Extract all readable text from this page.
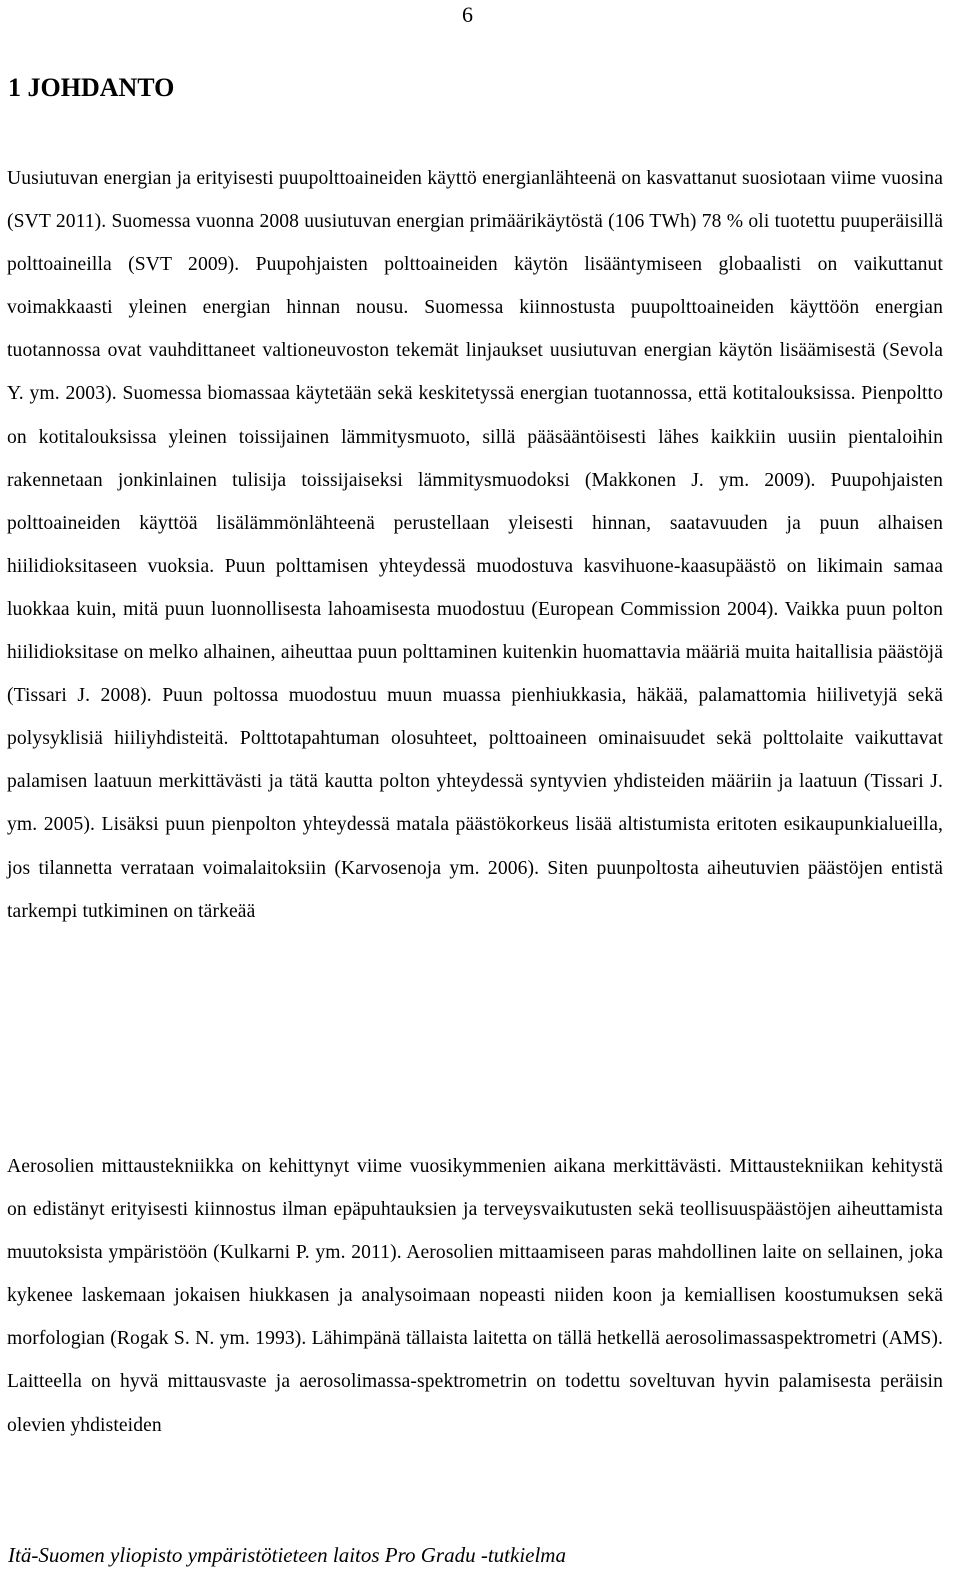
6
1 JOHDANTO

Uusiutuvan energian ja erityisesti puupolttoaineiden käyttö energianlähteenä on kasvattanut suosiotaan viime vuosina (SVT 2011). Suomessa vuonna 2008 uusiutuvan energian primäärikäytöstä (106 TWh) 78 % oli tuotettu puuperäisillä polttoaineilla (SVT 2009). Puupohjaisten polttoaineiden käytön lisääntymiseen globaalisti on vaikuttanut voimakkaasti yleinen energian hinnan nousu. Suomessa kiinnostusta puupolttoaineiden käyttöön energian tuotannossa ovat vauhdittaneet valtioneuvoston tekemät linjaukset uusiutuvan energian käytön lisäämisestä (Sevola Y. ym. 2003). Suomessa biomassaa käytetään sekä keskitetyssä energian tuotannossa, että kotitalouksissa. Pienpoltto on kotitalouksissa yleinen toissijainen lämmitysmuoto, sillä pääsääntöisesti lähes kaikkiin uusiin pientaloihin rakennetaan jonkinlainen tulisija toissijaiseksi lämmitysmuodoksi (Makkonen J. ym. 2009). Puupohjaisten polttoaineiden käyttöä lisälämmönlähteenä perustellaan yleisesti hinnan, saatavuuden ja puun alhaisen hiilidioksitaseen vuoksia. Puun polttamisen yhteydessä muodostuva kasvihuone-kaasupäästö on likimain samaa luokkaa kuin, mitä puun luonnollisesta lahoamisesta muodostuu (European Commission 2004). Vaikka puun polton hiilidioksitase on melko alhainen, aiheuttaa puun polttaminen kuitenkin huomattavia määriä muita haitallisia päästöjä (Tissari J. 2008). Puun poltossa muodostuu muun muassa pienhiukkasia, häkää, palamattomia hiilivetyjä sekä polysyklisiä hiiliyhdisteitä. Polttotapahtuman olosuhteet, polttoaineen ominaisuudet sekä polttolaite vaikuttavat palamisen laatuun merkittävästi ja tätä kautta polton yhteydessä syntyvien yhdisteiden määriin ja laatuun (Tissari J. ym. 2005). Lisäksi puun pienpolton yhteydessä matala päästökorkeus lisää altistumista eritoten esikaupunkialueilla, jos tilannetta verrataan voimalaitoksiin (Karvosenoja ym. 2006). Siten puunpoltosta aiheutuvien päästöjen entistä tarkempi tutkiminen on tärkeää

Aerosolien mittaustekniikka on kehittynyt viime vuosikymmenien aikana merkittävästi. Mittaustekniikan kehitystä on edistänyt erityisesti kiinnostus ilman epäpuhtauksien ja terveysvaikutusten sekä teollisuuspäästöjen aiheuttamista muutoksista ympäristöön (Kulkarni P. ym. 2011). Aerosolien mittaamiseen paras mahdollinen laite on sellainen, joka kykenee laskemaan jokaisen hiukkasen ja analysoimaan nopeasti niiden koon ja kemiallisen koostumuksen sekä morfologian (Rogak S. N. ym. 1993). Lähimpänä tällaista laitetta on tällä hetkellä aerosolimassaspektrometri (AMS). Laitteella on hyvä mittausvaste ja aerosolimassa-spektrometrin on todettu soveltuvan hyvin palamisesta peräisin olevien yhdisteiden

Itä-Suomen yliopisto ympäristötieteen laitos Pro Gradu -tutkielma
